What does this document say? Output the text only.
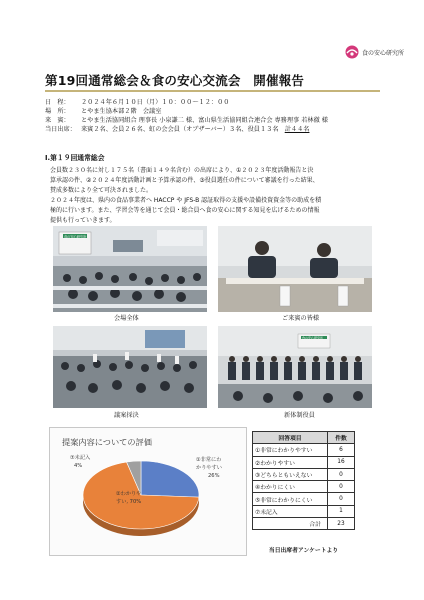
食の安心研究所
第19回通常総会＆食の安心交流会　開催報告
日　程： ２０２４年６月１０日（月）１０：００～１２：００
場　所： とやま生協本部２階　会議室
来　賓： とやま生活協同組合 理事長 小泉謙二 様、富山県生活協同組合連合会 専務理事 若林徹 様
当日出席： 来賓２名、会員２６名、虹の会会員（オブザーバー）３名、役員１３名　計４４名
Ⅰ.第１９回通常総会
会員数２３０名に対し１７５名（書面１４９名含む）の出席により、①２０２３年度活動報告と決
算承認の件、②２０２４年度活動計画と予算承認の件、③役員選任の件について審議を行った結果、
賛成多数により全て可決されました。
２０２４年度は、県内の食品事業者へ HACCP や JFS-B 認証取得の支援や設備投資資金等の助成を積
極的に行います。また、学習会等を通じて会員・総合員へ食の安心に関する知見を広げるための情報
提供も行っていきます。
食の安心研究所
会場全体	ご来賓の皆様
議案採決
食の安心研究所
新体制役員
提案内容についての評価
①非常にわ
かりやすい
26%
②わかりや
すい, 70%
⑦未記入
4%
回答項目	件数
①非常にわかりやすい	6
②わかりやすい	16
③どちらともいえない	0
④わかりにくい	0
⑤非常にわかりにくい	0
⑦未記入	1
合計	23
当日出席者アンケートより
